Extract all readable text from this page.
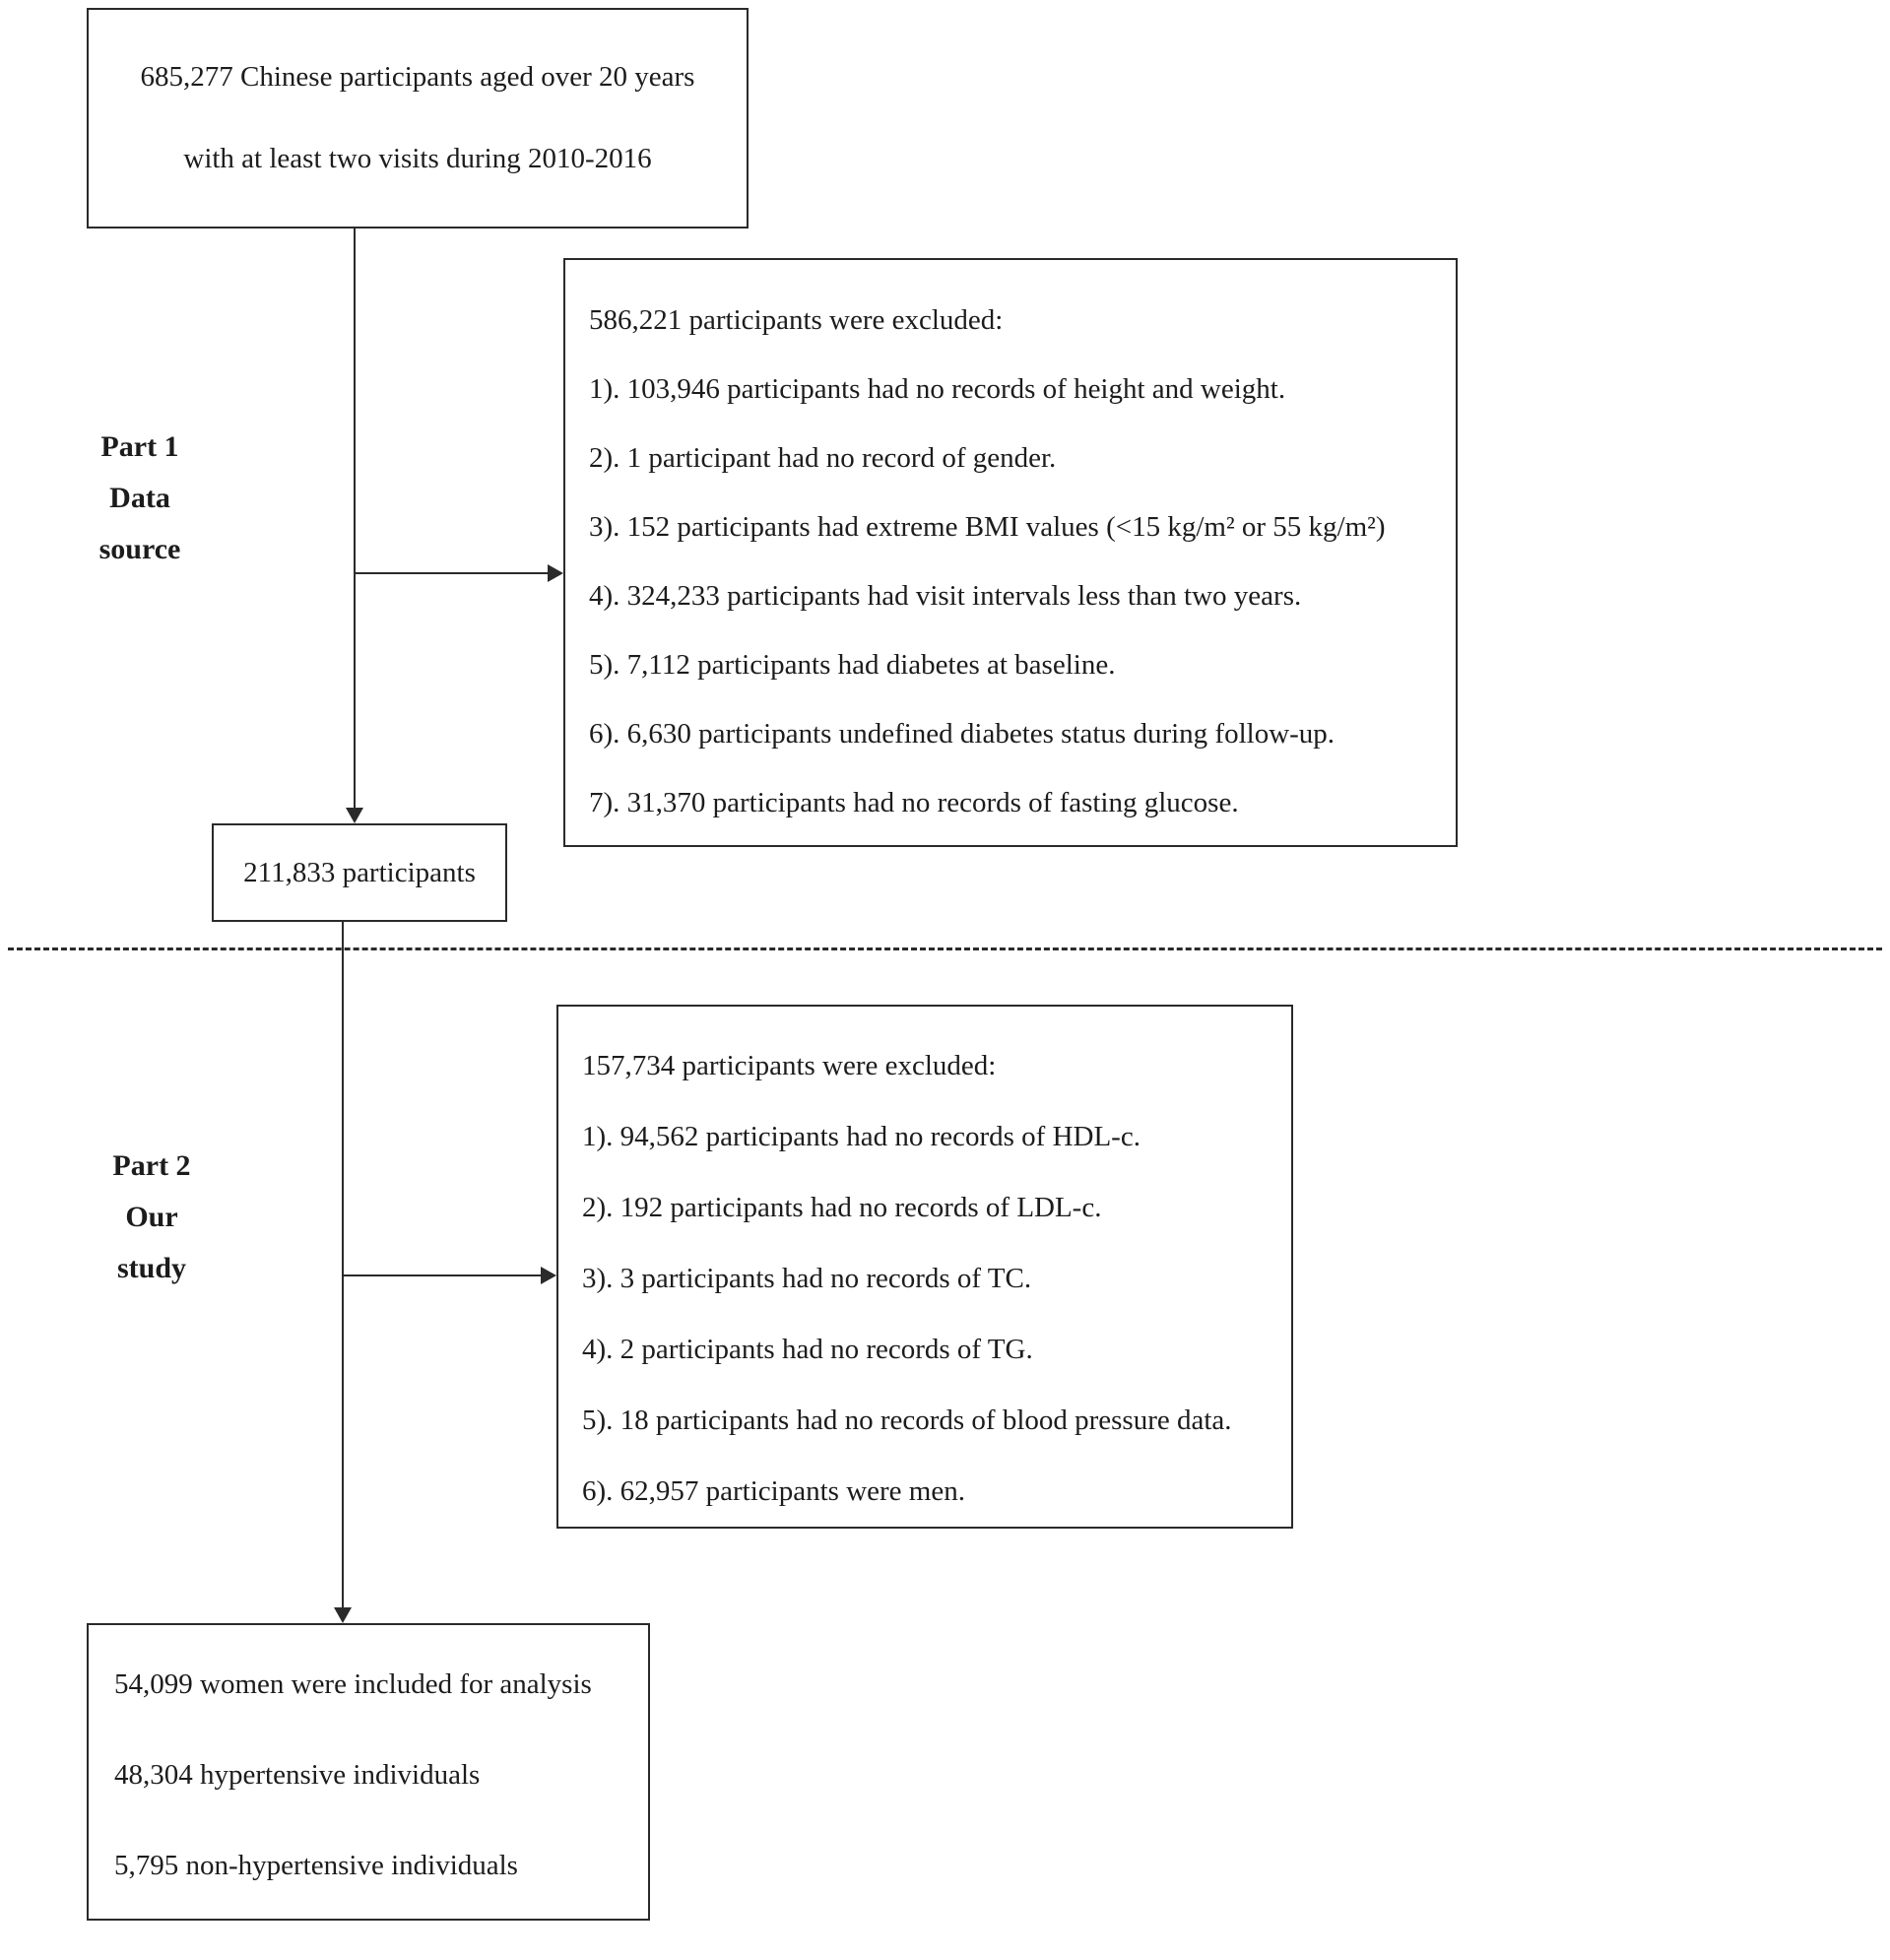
685,277 Chinese participants aged over 20 years
with at least two visits during 2010-2016
Part 1
Data
source
586,221 participants were excluded:
1). 103,946 participants had no records of height and weight.
2). 1 participant had no record of gender.
3). 152 participants had extreme BMI values (<15 kg/m² or 55 kg/m²)
4). 324,233 participants had visit intervals less than two years.
5). 7,112 participants had diabetes at baseline.
6). 6,630 participants undefined diabetes status during follow-up.
7). 31,370 participants had no records of fasting glucose.
211,833 participants
Part 2
Our
study
157,734 participants were excluded:
1). 94,562 participants had no records of HDL-c.
2). 192 participants had no records of LDL-c.
3). 3 participants had no records of TC.
4). 2 participants had no records of TG.
5). 18 participants had no records of blood pressure data.
6). 62,957 participants were men.
54,099 women were included for analysis
48,304 hypertensive individuals
5,795 non-hypertensive individuals
